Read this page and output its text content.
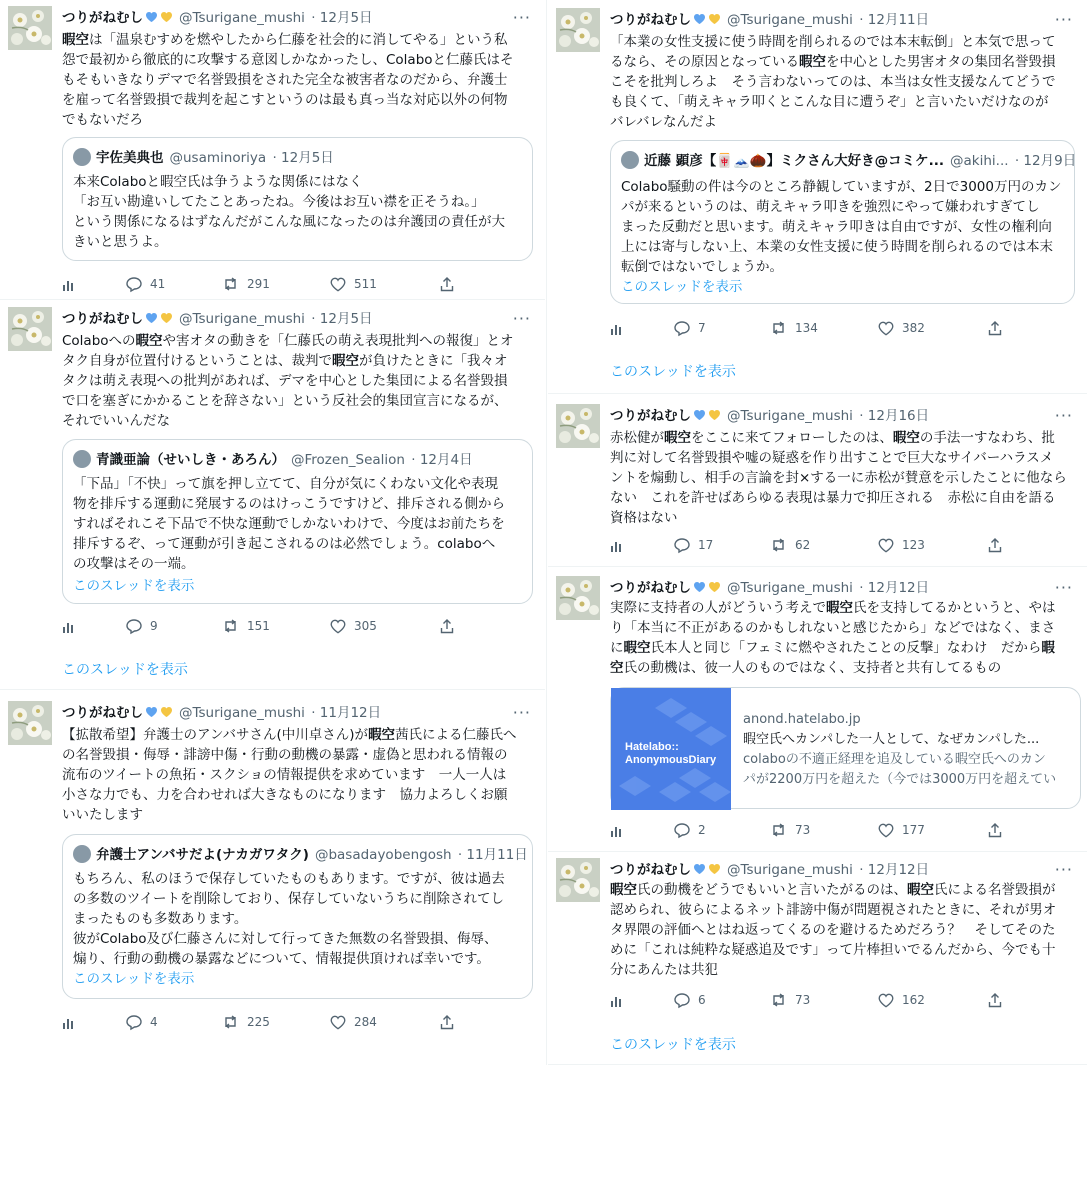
つりがねむし	@Tsurigane_mushi · 12月5日	···
暇空は「温泉むすめを燃やしたから仁藤を社会的に消してやる」という私
怨で最初から徹底的に攻撃する意図しかなかったし、Colaboと仁藤氏はそ
もそもいきなりデマで名誉毀損をされた完全な被害者なのだから、弁護士
を雇って名誉毀損で裁判を起こすというのは最も真っ当な対応以外の何物
でもないだろ
宇佐美典也 @usaminoriya · 12月5日
本来Colaboと暇空氏は争うような関係にはなく
「お互い勘違いしてたことあったね。今後はお互い襟を正そうね。」
という関係になるはずなんだがこんな風になったのは弁護団の責任が大
きいと思うよ。
41	291	511
つりがねむし	@Tsurigane_mushi · 12月5日	···
Colaboへの暇空や害オタの動きを「仁藤氏の萌え表現批判への報復」とオ
タク自身が位置付けるということは、裁判で暇空が負けたときに「我々オ
タクは萌え表現への批判があれば、デマを中心とした集団による名誉毀損
で口を塞ぎにかかることを辞さない」という反社会的集団宣言になるが、
それでいいんだな
青識亜論（せいしき・あろん） @Frozen_Sealion · 12月4日
「下品」「不快」って旗を押し立てて、自分が気にくわない文化や表現
物を排斥する運動に発展するのはけっこうですけど、排斥される側から
すればそれこそ下品で不快な運動でしかないわけで、今度はお前たちを
排斥するぞ、って運動が引き起こされるのは必然でしょう。colaboへ
の攻撃はその一端。
このスレッドを表示
9	151	305
このスレッドを表示
つりがねむし	@Tsurigane_mushi · 11月12日	···
【拡散希望】弁護士のアンバサさん(中川卓さん)が暇空茜氏による仁藤氏へ
の名誉毀損・侮辱・誹謗中傷・行動の動機の暴露・虚偽と思われる情報の
流布のツイートの魚拓・スクショの情報提供を求めています　一人一人は
小さな力でも、力を合わせれば大きなものになります　協力よろしくお願
いいたします
弁護士アンバサだよ(ナカガワタク) @basadayobengosh · 11月11日
もちろん、私のほうで保存していたものもあります。ですが、彼は過去
の多数のツイートを削除しており、保存していないうちに削除されてし
まったものも多数あります。
彼がColabo及び仁藤さんに対して行ってきた無数の名誉毀損、侮辱、
煽り、行動の動機の暴露などについて、情報提供頂ければ幸いです。
このスレッドを表示
4	225	284
つりがねむし	@Tsurigane_mushi · 12月11日	···
「本業の女性支援に使う時間を削られるのでは本末転倒」と本気で思って
るなら、その原因となっている暇空を中心とした男害オタの集団名誉毀損
こそを批判しろよ　そう言わないってのは、本当は女性支援なんてどうで
も良くて、「萌えキャラ叩くとこんな目に遭うぞ」と言いたいだけなのが
バレバレなんだよ
近藤 顕彦【🀄🗻🌰】ミクさん大好き@コミケ... @akihi... · 12月9日
Colabo騒動の件は今のところ静観していますが、2日で3000万円のカン
パが来るというのは、萌えキャラ叩きを強烈にやって嫌われすぎてし
まった反動だと思います。萌えキャラ叩きは自由ですが、女性の権利向
上には寄与しない上、本業の女性支援に使う時間を削られるのでは本末
転倒ではないでしょうか。
このスレッドを表示
7	134	382
このスレッドを表示
つりがねむし	@Tsurigane_mushi · 12月16日	···
赤松健が暇空をここに来てフォローしたのは、暇空の手法一すなわち、批
判に対して名誉毀損や嘘の疑惑を作り出すことで巨大なサイバーハラスメ
ントを煽動し、相手の言論を封×する一に赤松が賛意を示したことに他なら
ない　これを許せばあらゆる表現は暴力で抑圧される　赤松に自由を語る
資格はない
17	62	123
つりがねむし	@Tsurigane_mushi · 12月12日	···
実際に支持者の人がどういう考えで暇空氏を支持してるかというと、やは
り「本当に不正があるのかもしれないと感じたから」などではなく、まさ
に暇空氏本人と同じ「フェミに燃やされたことの反撃」なわけ　だから暇
空氏の動機は、彼一人のものではなく、支持者と共有してるもの
Hatelabo::
AnonymousDiary
anond.hatelabo.jp
暇空氏へカンパした一人として、なぜカンパした...
colaboの不適正経理を追及している暇空氏へのカン
パが2200万円を超えた（今では3000万円を超えてい
2	73	177
つりがねむし	@Tsurigane_mushi · 12月12日	···
暇空氏の動機をどうでもいいと言いたがるのは、暇空氏による名誉毀損が
認められ、彼らによるネット誹謗中傷が問題視されたときに、それが男オ
タ界隈の評価へとはね返ってくるのを避けるためだろう？　そしてそのた
めに「これは純粋な疑惑追及です」って片棒担いでるんだから、今でも十
分にあんたは共犯
6	73	162
このスレッドを表示
